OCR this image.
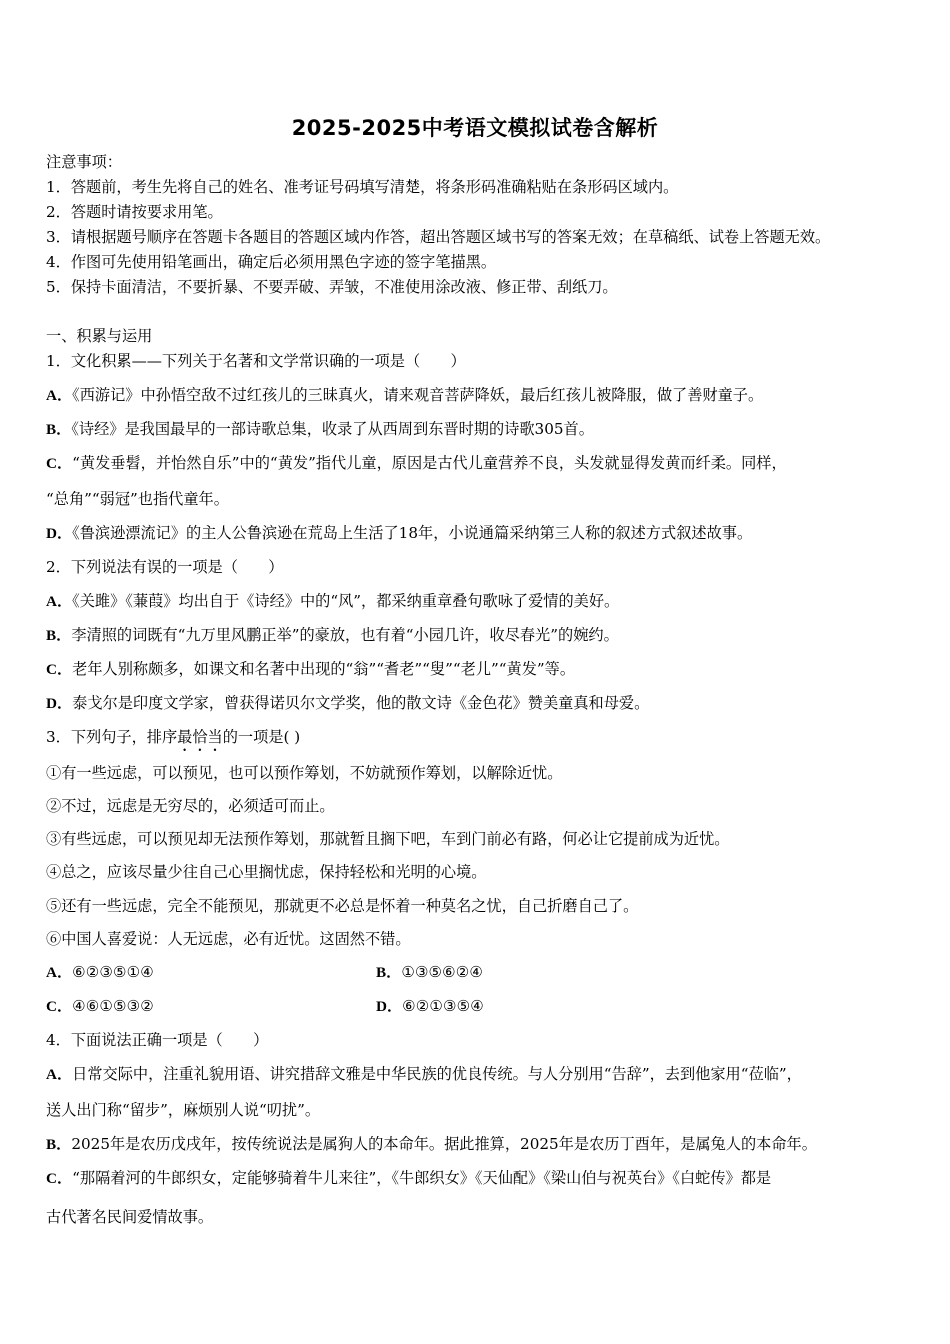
2025-2025中考语文模拟试卷含解析
注意事项：
1．答题前，考生先将自己的姓名、准考证号码填写清楚，将条形码准确粘贴在条形码区域内。
2．答题时请按要求用笔。
3．请根据题号顺序在答题卡各题目的答题区域内作答，超出答题区域书写的答案无效；在草稿纸、试卷上答题无效。
4．作图可先使用铅笔画出，确定后必须用黑色字迹的签字笔描黑。
5．保持卡面清洁，不要折暴、不要弄破、弄皱，不准使用涂改液、修正带、刮纸刀。
一、积累与运用
1．文化积累——下列关于名著和文学常识确的一项是（　　）
A．《西游记》中孙悟空敌不过红孩儿的三昧真火，请来观音菩萨降妖，最后红孩儿被降服，做了善财童子。
B．《诗经》是我国最早的一部诗歌总集，收录了从西周到东晋时期的诗歌305首。
C．“黄发垂髫，并怡然自乐”中的“黄发”指代儿童，原因是古代儿童营养不良，头发就显得发黄而纤柔。同样，
“总角”“弱冠”也指代童年。
D．《鲁滨逊漂流记》的主人公鲁滨逊在荒岛上生活了18年，小说通篇采纳第三人称的叙述方式叙述故事。
2．下列说法有误的一项是（　　）
A．《关雎》《蒹葭》均出自于《诗经》中的“风”，都采纳重章叠句歌咏了爱情的美好。
B．李清照的词既有“九万里风鹏正举”的豪放，也有着“小园几许，收尽春光”的婉约。
C．老年人别称颇多，如课文和名著中出现的“翁”“耆老”“叟”“老儿”“黄发”等。
D．泰戈尔是印度文学家，曾获得诺贝尔文学奖，他的散文诗《金色花》赞美童真和母爱。
3．下列句子，排序最恰当的一项是( )
①有一些远虑，可以预见，也可以预作筹划，不妨就预作筹划，以解除近忧。
②不过，远虑是无穷尽的，必须适可而止。
③有些远虑，可以预见却无法预作筹划，那就暂且搁下吧，车到门前必有路，何必让它提前成为近忧。
④总之，应该尽量少往自己心里搁忧虑，保持轻松和光明的心境。
⑤还有一些远虑，完全不能预见，那就更不必总是怀着一种莫名之忧，自己折磨自己了。
⑥中国人喜爱说：人无远虑，必有近忧。这固然不错。
A．⑥②③⑤①④	B．①③⑤⑥②④
C．④⑥①⑤③②	D．⑥②①③⑤④
4．下面说法正确一项是（　　）
A．日常交际中，注重礼貌用语、讲究措辞文雅是中华民族的优良传统。与人分别用“告辞”，去到他家用“莅临”，
送人出门称“留步”，麻烦别人说“叨扰”。
B．2025年是农历戊戌年，按传统说法是属狗人的本命年。据此推算，2025年是农历丁酉年，是属兔人的本命年。
C．“那隔着河的牛郎织女，定能够骑着牛儿来往”，《牛郎织女》《天仙配》《梁山伯与祝英台》《白蛇传》都是
古代著名民间爱情故事。
